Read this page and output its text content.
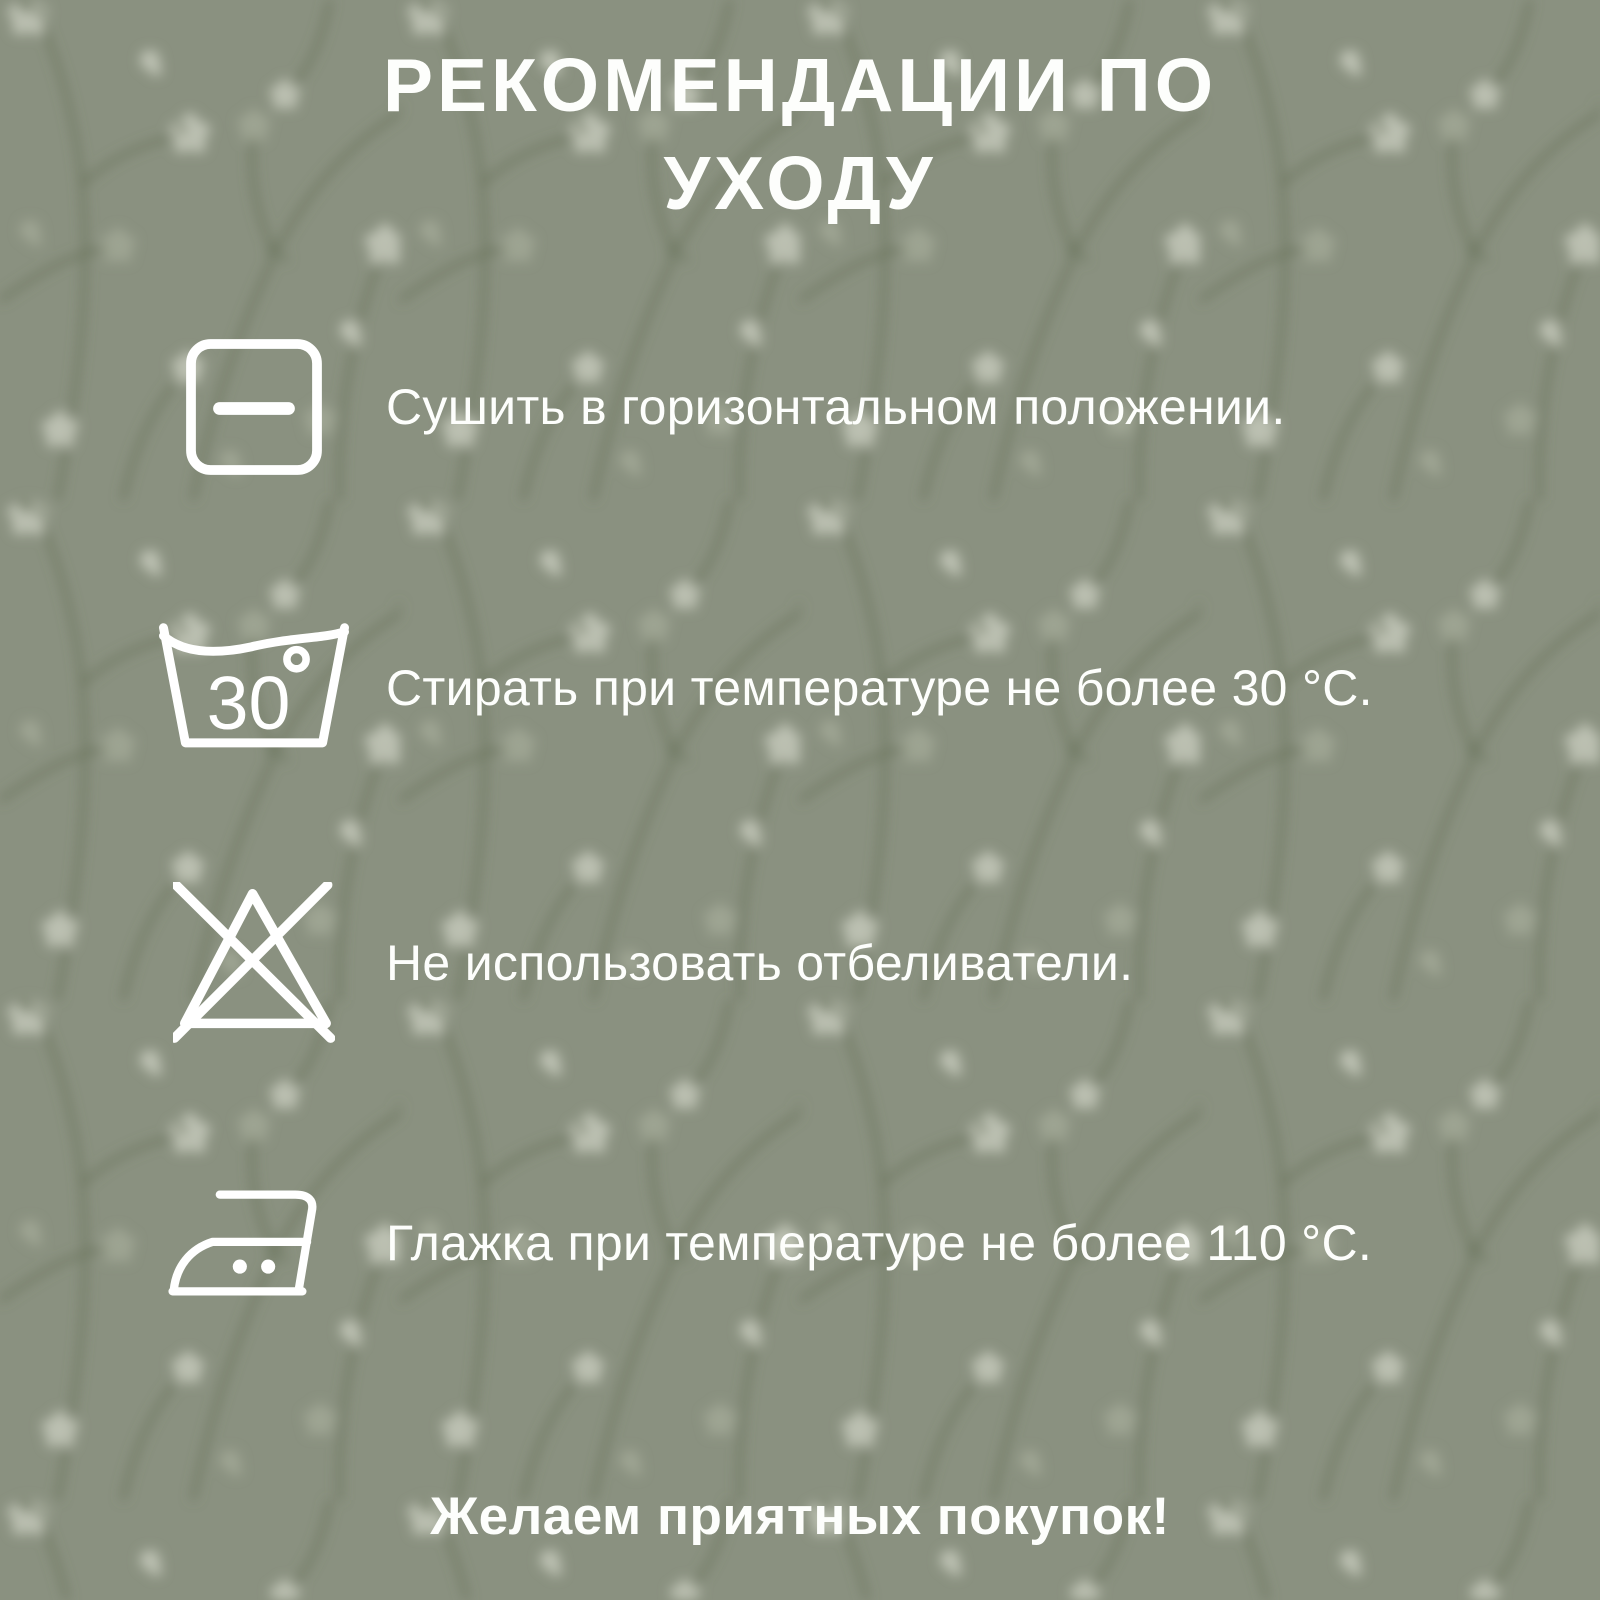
РЕКОМЕНДАЦИИ ПО УХОДУ
Сушить в горизонтальном положении.
30 Стирать при температуре не более 30 °C.
Не использовать отбеливатели.
Глажка при температуре не более 110 °C.
Желаем приятных покупок!
